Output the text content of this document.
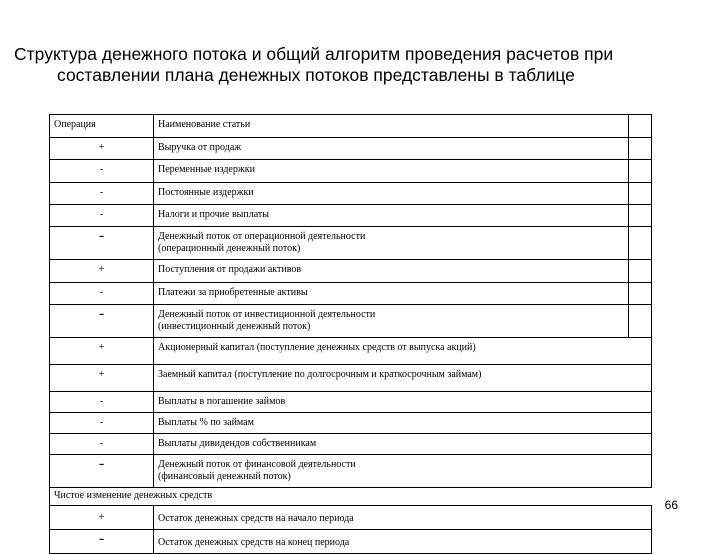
Структура денежного потока и общий алгоритм проведения расчетов при
составлении плана денежных потоков представлены в таблице
Операция	Наименование статьи	
+	Выручка от продаж	
-	Переменные издержки	
-	Постоянные издержки	
-	Налоги и прочие выплаты	
-	Денежный поток от операционной деятельности
(операционный денежный поток)	

+	Поступления от продажи активов	
-	Платежи за приобретенные активы	
-	Денежный поток от инвестиционной деятельности
(инвестиционный денежный поток)	

+	Акционерный капитал (поступление денежных средств от выпуска акций)	
+	Заемный капитал (поступление по долгосрочным и краткосрочным займам)	
-	Выплаты в погашение займов	
-	Выплаты % по займам	
-	Выплаты дивидендов собственникам	
-	Денежный поток от финансовой деятельности
(финансовый денежный поток)	

Чистое изменение денежных средств		
+	Остаток денежных средств на начало периода	
-	Остаток денежных средств на конец периода	
66
